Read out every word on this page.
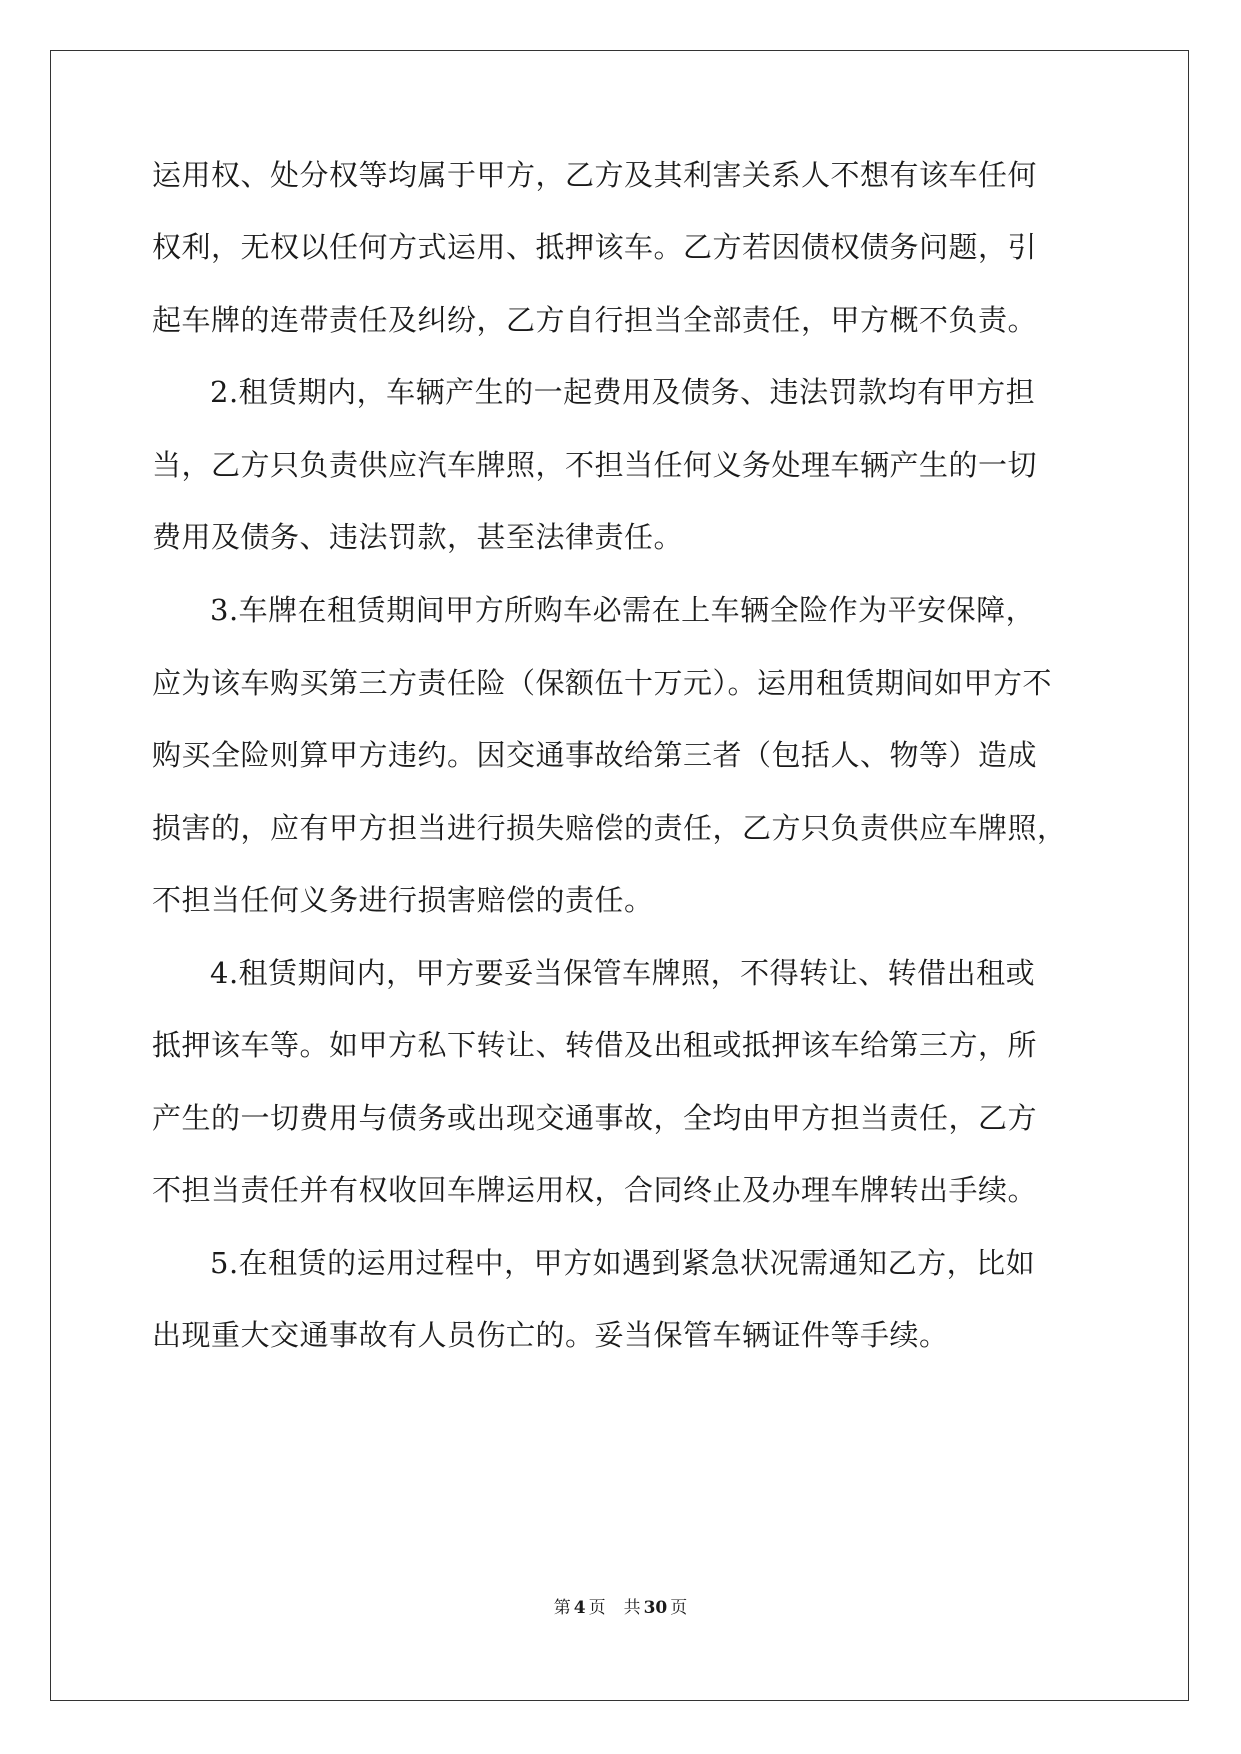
运用权、处分权等均属于甲方，乙方及其利害关系人不想有该车任何
权利，无权以任何方式运用、抵押该车。乙方若因债权债务问题，引
起车牌的连带责任及纠纷，乙方自行担当全部责任，甲方概不负责。
2.租赁期内，车辆产生的一起费用及债务、违法罚款均有甲方担
当，乙方只负责供应汽车牌照，不担当任何义务处理车辆产生的一切
费用及债务、违法罚款，甚至法律责任。
3.车牌在租赁期间甲方所购车必需在上车辆全险作为平安保障，
应为该车购买第三方责任险（保额伍十万元）。运用租赁期间如甲方不
购买全险则算甲方违约。因交通事故给第三者（包括人、物等）造成
损害的，应有甲方担当进行损失赔偿的责任，乙方只负责供应车牌照，
不担当任何义务进行损害赔偿的责任。
4.租赁期间内，甲方要妥当保管车牌照，不得转让、转借出租或
抵押该车等。如甲方私下转让、转借及出租或抵押该车给第三方，所
产生的一切费用与债务或出现交通事故，全均由甲方担当责任，乙方
不担当责任并有权收回车牌运用权，合同终止及办理车牌转出手续。
5.在租赁的运用过程中，甲方如遇到紧急状况需通知乙方，比如
出现重大交通事故有人员伤亡的。妥当保管车辆证件等手续。
第 4 页 共 30 页
